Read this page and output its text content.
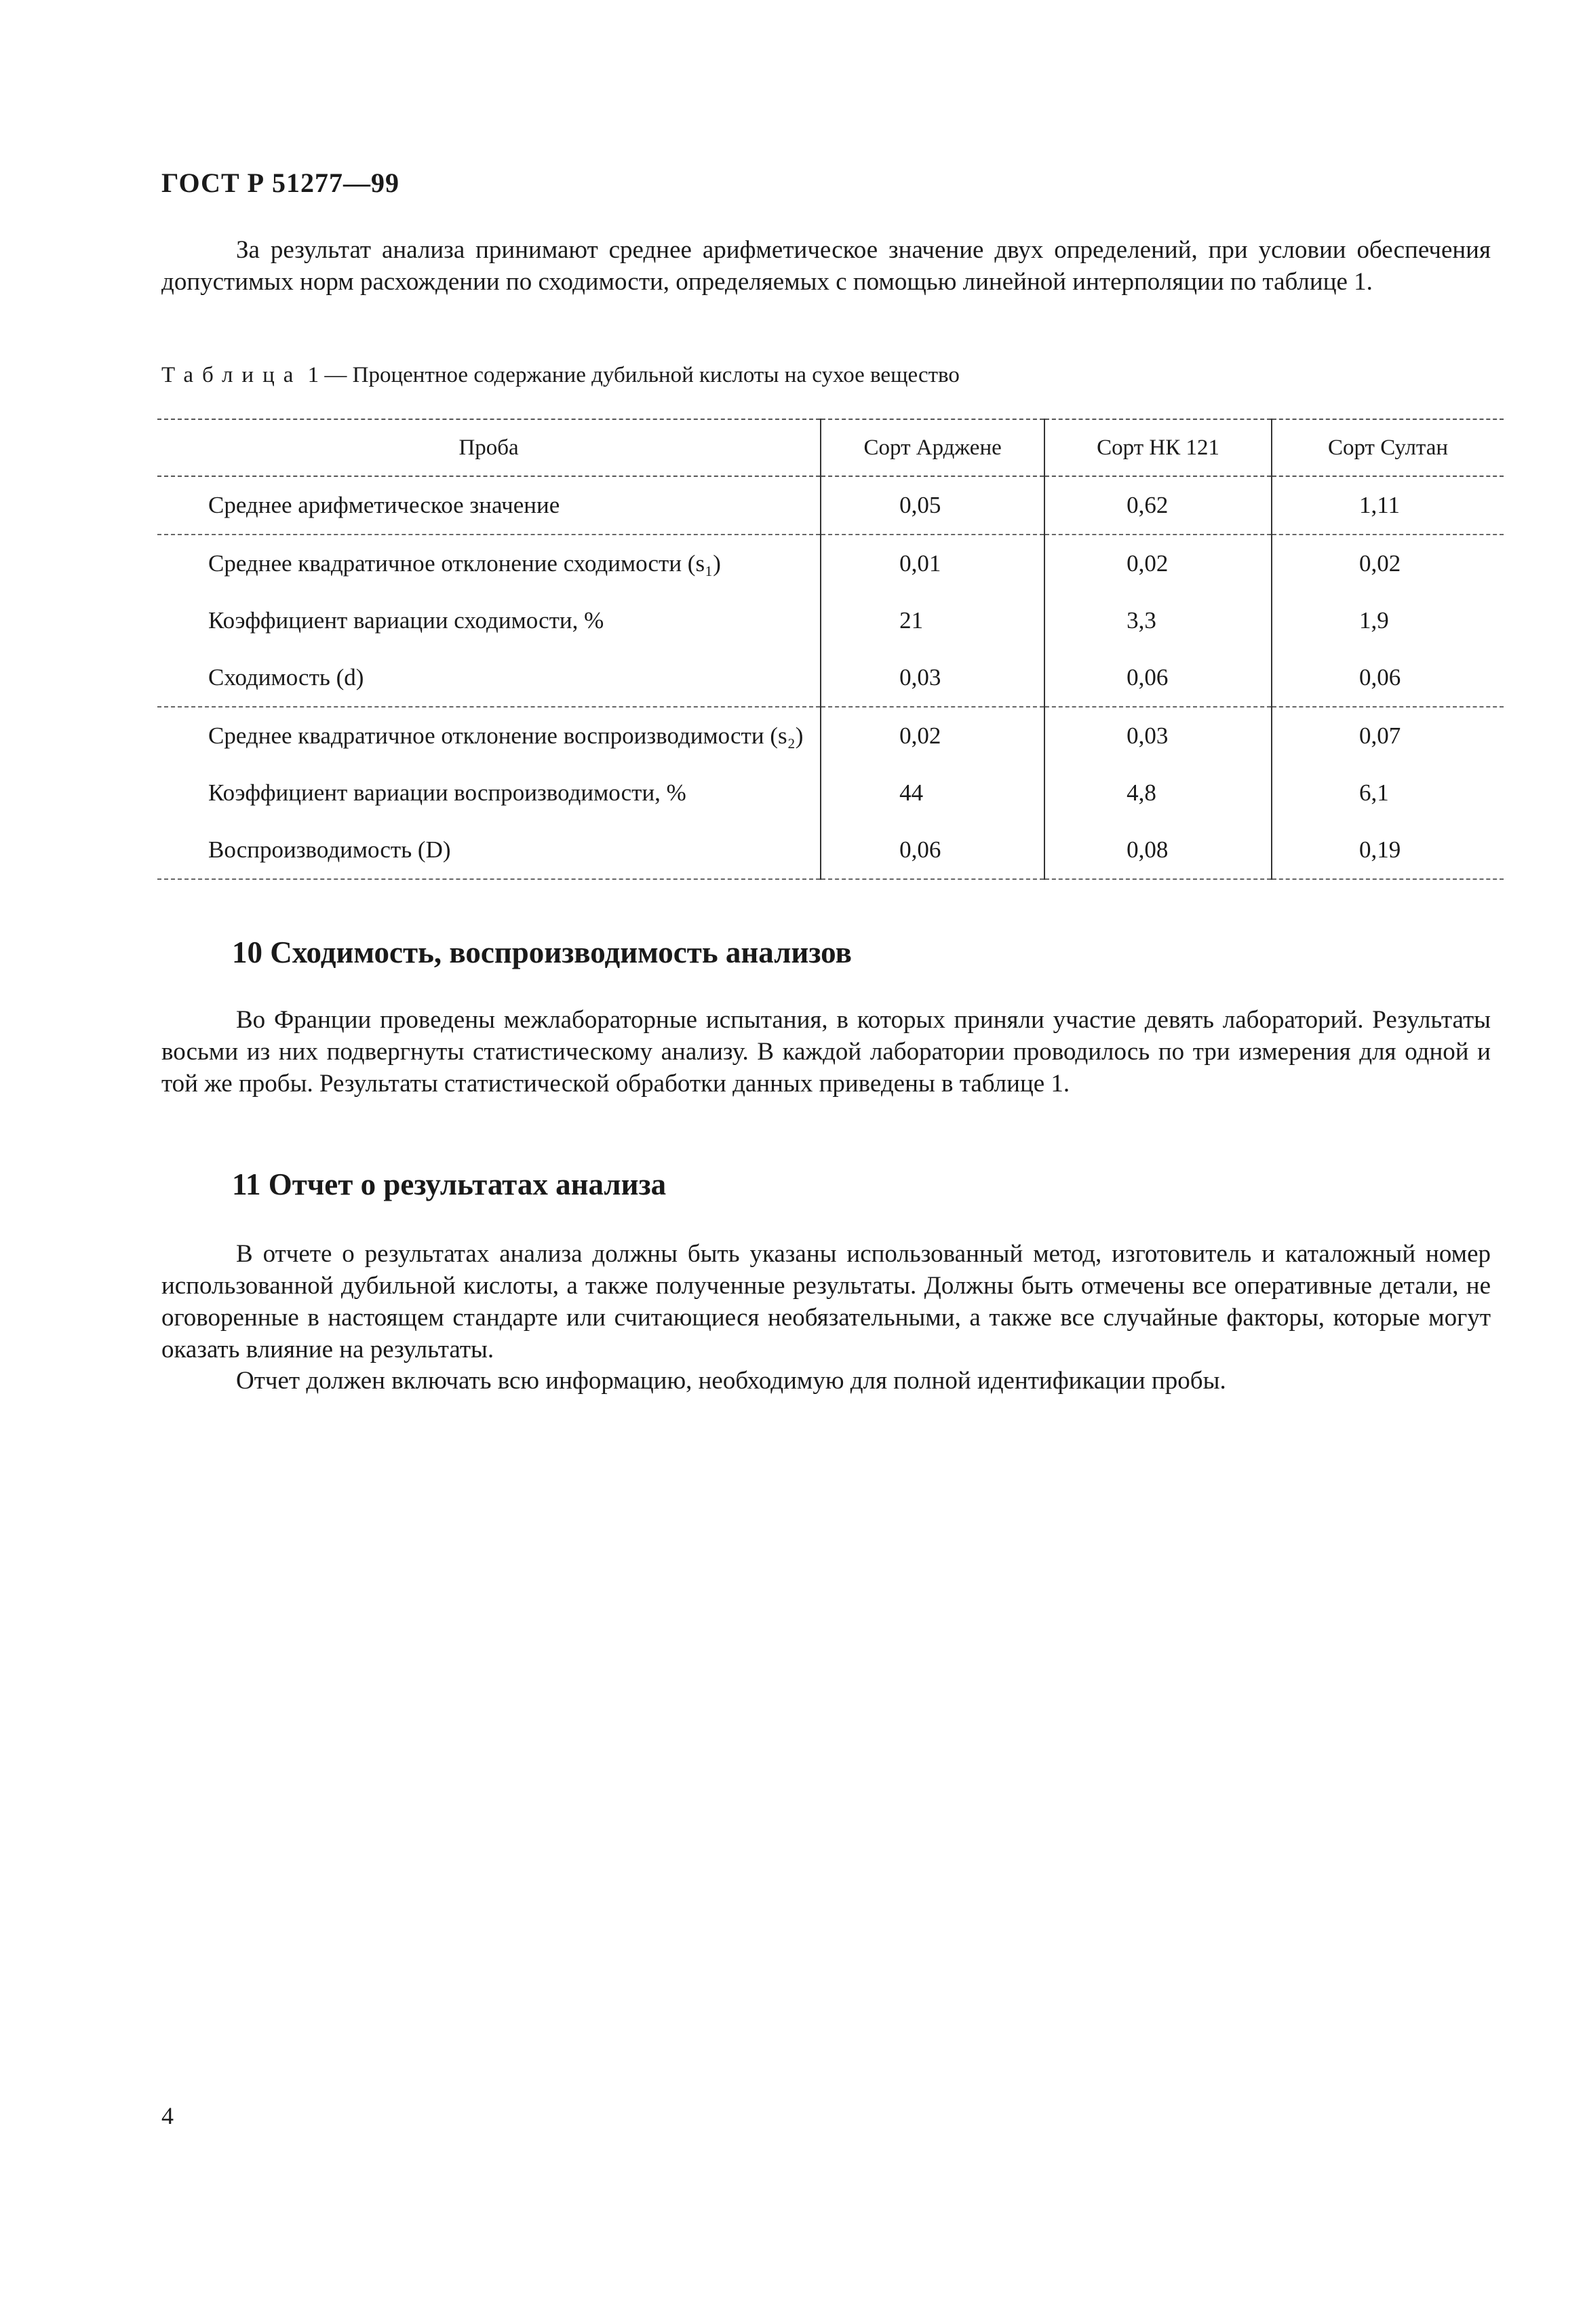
ГОСТ Р 51277—99

За результат анализа принимают среднее арифметическое значение двух определений, при условии обеспечения допустимых норм расхождении по сходимости, определяемых с помощью линейной интерполяции по таблице 1.

Таблица 1 — Процентное содержание дубильной кислоты на сухое вещество
Проба	Сорт Арджене	Сорт НК 121	Сорт Султан
Среднее арифметическое значение	0,05	0,62	1,11
Среднее квадратичное отклонение сходимости (s₁)	0,01	0,02	0,02
Коэффициент вариации сходимости, %	21	3,3	1,9
Сходимость (d)	0,03	0,06	0,06
Среднее квадратичное отклонение воспроизводимости (s₂)	0,02	0,03	0,07
Коэффициент вариации воспроизводимости, %	44	4,8	6,1
Воспроизводимость (D)	0,06	0,08	0,19
10 Сходимость, воспроизводимость анализов

Во Франции проведены межлабораторные испытания, в которых приняли участие девять лабораторий. Результаты восьми из них подвергнуты статистическому анализу. В каждой лаборатории проводилось по три измерения для одной и той же пробы. Результаты статистической обработки данных приведены в таблице 1.

11 Отчет о результатах анализа

В отчете о результатах анализа должны быть указаны использованный метод, изготовитель и каталожный номер использованной дубильной кислоты, а также полученные результаты. Должны быть отмечены все оперативные детали, не оговоренные в настоящем стандарте или считающиеся необязательными, а также все случайные факторы, которые могут оказать влияние на результаты.

Отчет должен включать всю информацию, необходимую для полной идентификации пробы.

4
